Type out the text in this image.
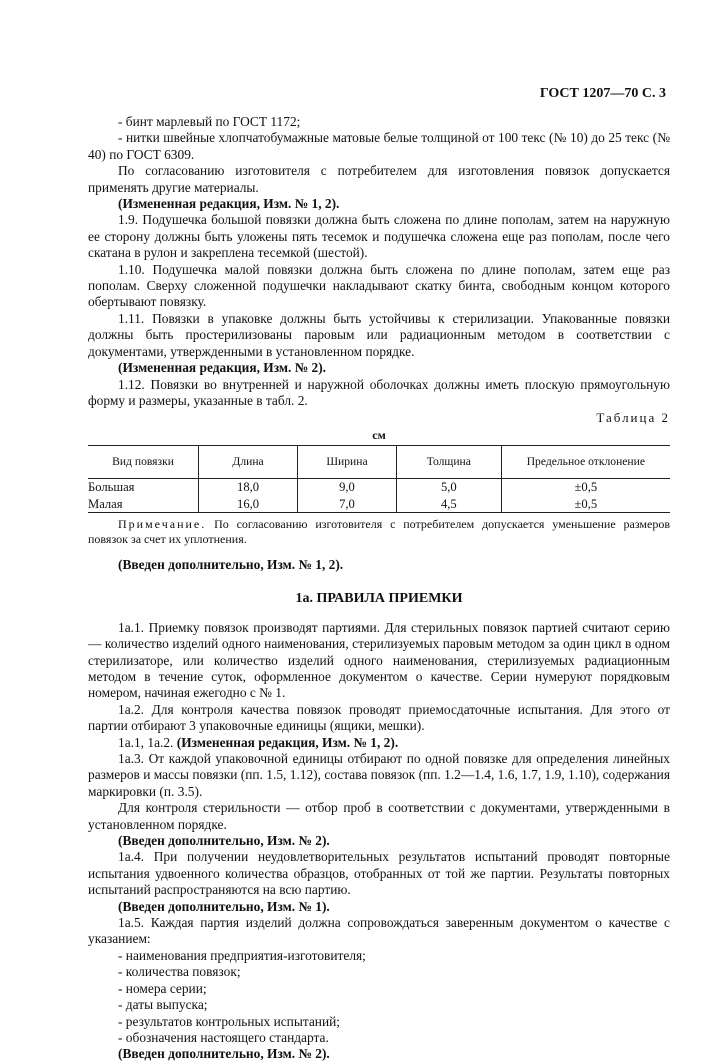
ГОСТ 1207—70 С. 3

- бинт марлевый по ГОСТ 1172;

- нитки швейные хлопчатобумажные матовые белые толщиной от 100 текс (№ 10) до 25 текс (№ 40) по ГОСТ 6309.

По согласованию изготовителя с потребителем для изготовления повязок допускается применять другие материалы.

(Измененная редакция, Изм. № 1, 2).

1.9. Подушечка большой повязки должна быть сложена по длине пополам, затем на наружную ее сторону должны быть уложены пять тесемок и подушечка сложена еще раз пополам, после чего скатана в рулон и закреплена тесемкой (шестой).

1.10. Подушечка малой повязки должна быть сложена по длине пополам, затем еще раз пополам. Сверху сложенной подушечки накладывают скатку бинта, свободным концом которого обертывают повязку.

1.11. Повязки в упаковке должны быть устойчивы к стерилизации. Упакованные повязки должны быть простерилизованы паровым или радиационным методом в соответствии с документами, утвержденными в установленном порядке.

(Измененная редакция, Изм. № 2).

1.12. Повязки во внутренней и наружной оболочках должны иметь плоскую прямоугольную форму и размеры, указанные в табл. 2.

Таблица 2
см
Вид повязки	Длина	Ширина	Толщина	Предельное отклонение
Большая	18,0	9,0	5,0	±0,5
Малая	16,0	7,0	4,5	±0,5

Примечание. По согласованию изготовителя с потребителем допускается уменьшение размеров повязок за счет их уплотнения.

(Введен дополнительно, Изм. № 1, 2).

1а. ПРАВИЛА ПРИЕМКИ

1а.1. Приемку повязок производят партиями. Для стерильных повязок партией считают серию — количество изделий одного наименования, стерилизуемых паровым методом за один цикл в одном стерилизаторе, или количество изделий одного наименования, стерилизуемых радиационным методом в течение суток, оформленное документом о качестве. Серии нумеруют порядковым номером, начиная ежегодно с № 1.

1а.2. Для контроля качества повязок проводят приемосдаточные испытания. Для этого от партии отбирают 3 упаковочные единицы (ящики, мешки).

1а.1, 1а.2. (Измененная редакция, Изм. № 1, 2).

1а.3. От каждой упаковочной единицы отбирают по одной повязке для определения линейных размеров и массы повязки (пп. 1.5, 1.12), состава повязок (пп. 1.2—1.4, 1.6, 1.7, 1.9, 1.10), содержания маркировки (п. 3.5).

Для контроля стерильности — отбор проб в соответствии с документами, утвержденными в установленном порядке.

(Введен дополнительно, Изм. № 2).

1а.4. При получении неудовлетворительных результатов испытаний проводят повторные испытания удвоенного количества образцов, отобранных от той же партии. Результаты повторных испытаний распространяются на всю партию.

(Введен дополнительно, Изм. № 1).

1а.5. Каждая партия изделий должна сопровождаться заверенным документом о качестве с указанием:

- наименования предприятия-изготовителя;

- количества повязок;

- номера серии;

- даты выпуска;

- результатов контрольных испытаний;

- обозначения настоящего стандарта.

(Введен дополнительно, Изм. № 2).
